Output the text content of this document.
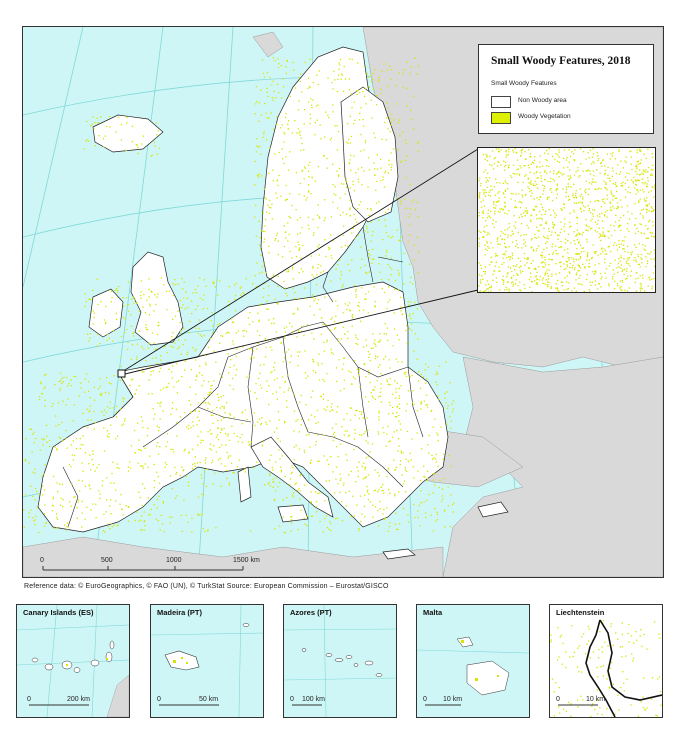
0	500	1000	1500 km
Small Woody Features, 2018
Small Woody Features
Non Woody area
Woody Vegetation
Reference data: © EuroGeographics, © FAO (UN), © TurkStat Source: European Commission – Eurostat/GISCO
Canary Islands (ES)
0	200 km
Madeira (PT)
0	50 km
Azores (PT)
0 100 km
Malta
0 10 km
Liechtenstein
0	10 km
